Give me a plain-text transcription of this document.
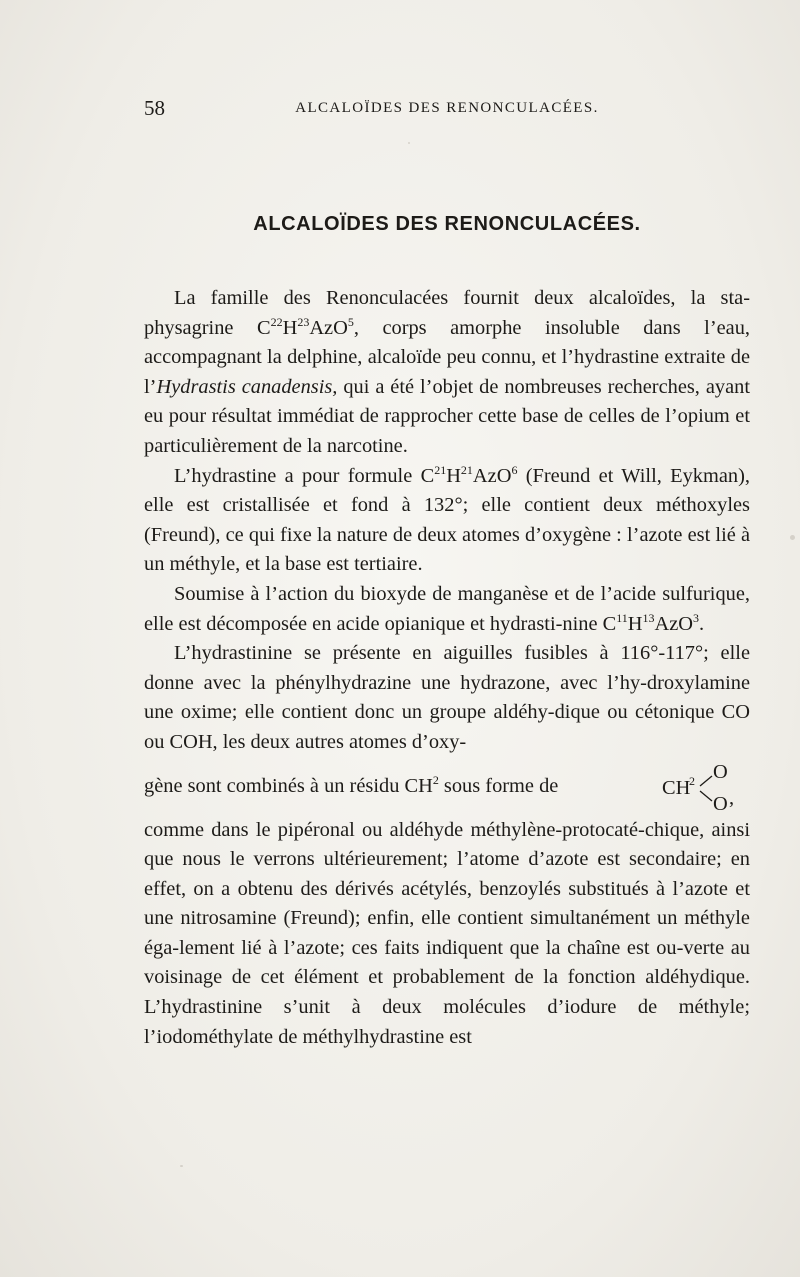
58	ALCALOÏDES DES RENONCULACÉES.
ALCALOÏDES DES RENONCULACÉES.

La famille des Renonculacées fournit deux alcaloïdes, la sta-physagrine $C^{22}H^{23}AzO^5$, corps amorphe insoluble dans l’eau, accompagnant la delphine, alcaloïde peu connu, et l’hydrastine extraite de l’Hydrastis canadensis, qui a été l’objet de nombreuses recherches, ayant eu pour résultat immédiat de rapprocher cette base de celles de l’opium et particulièrement de la narcotine.

L’hydrastine a pour formule $C^{21}H^{21}AzO^6$ (Freund et Will, Eykman), elle est cristallisée et fond à 132°; elle contient deux méthoxyles (Freund), ce qui fixe la nature de deux atomes d’oxygène : l’azote est lié à un méthyle, et la base est tertiaire.

Soumise à l’action du bioxyde de manganèse et de l’acide sulfurique, elle est décomposée en acide opianique et hydrasti-nine $C^{11}H^{13}AzO^3$.

L’hydrastinine se présente en aiguilles fusibles à 116°-117°; elle donne avec la phénylhydrazine une hydrazone, avec l’hy-droxylamine une oxime; elle contient donc un groupe aldéhy-dique ou cétonique CO ou COH, les deux autres atomes d’oxy-

gène sont combinés à un résidu $CH^2$ sous forme de	CH
2 O
O ,

comme dans le pipéronal ou aldéhyde méthylène-protocaté-chique, ainsi que nous le verrons ultérieurement; l’atome d’azote est secondaire; en effet, on a obtenu des dérivés acétylés, benzoylés substitués à l’azote et une nitrosamine (Freund); enfin, elle contient simultanément un méthyle éga-lement lié à l’azote; ces faits indiquent que la chaîne est ou-verte au voisinage de cet élément et probablement de la fonction aldéhydique. L’hydrastinine s’unit à deux molécules d’iodure de méthyle; l’iodométhylate de méthylhydrastine est
